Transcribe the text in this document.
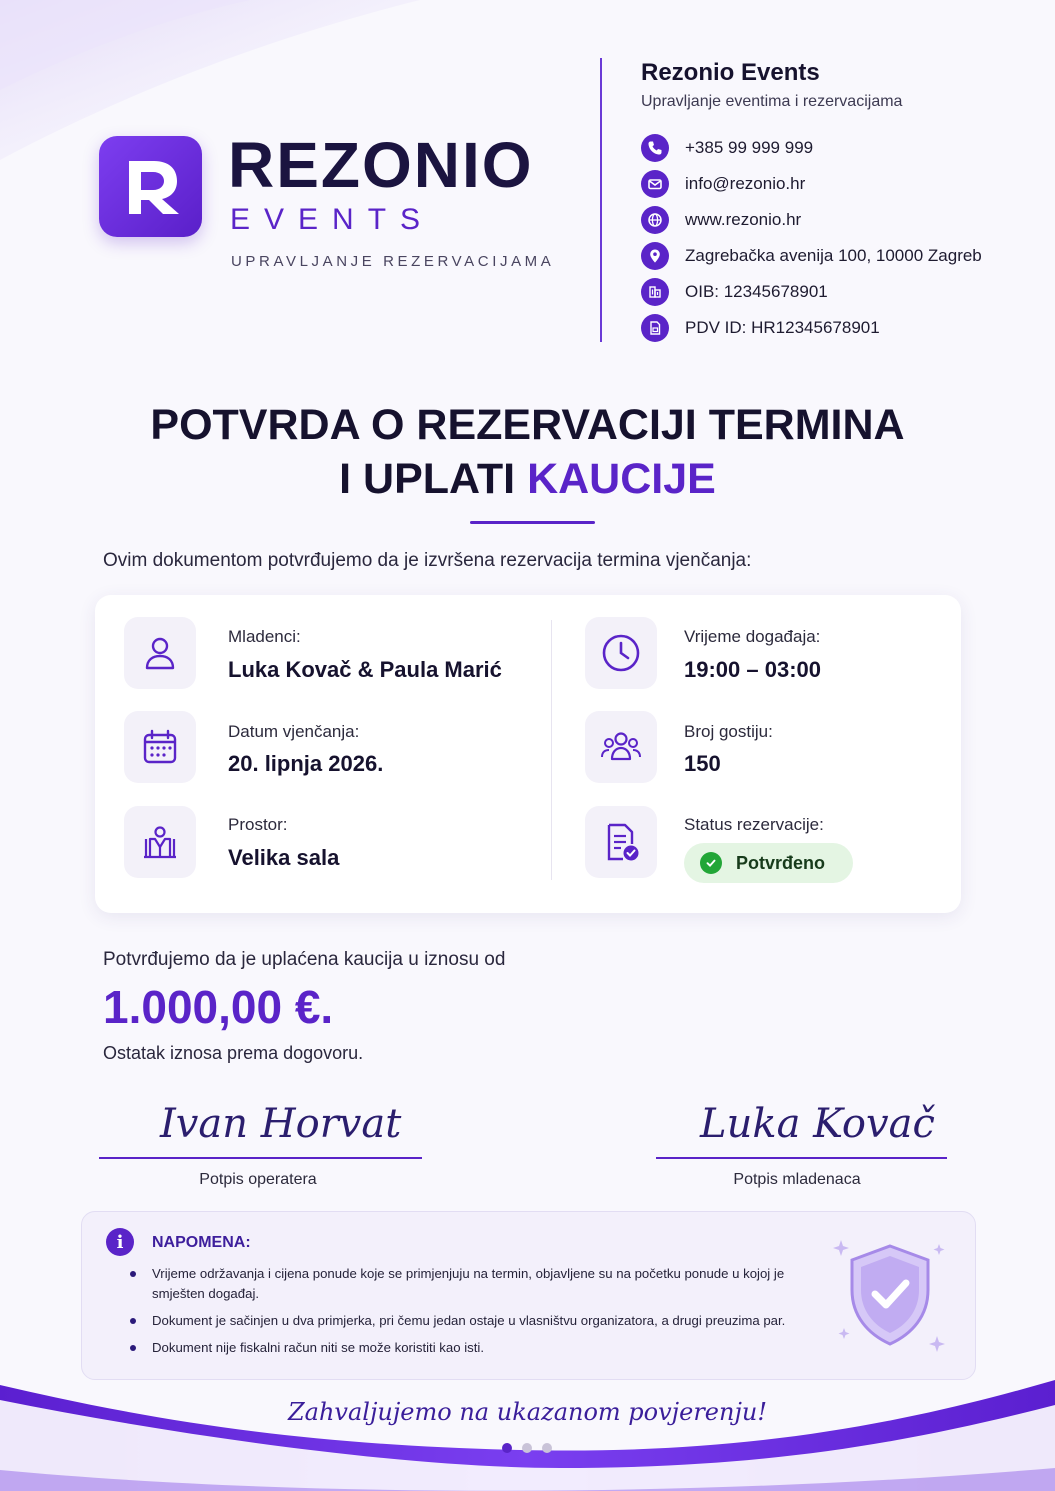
REZONIO
EVENTS
UPRAVLJANJE REZERVACIJAMA
Rezonio Events
Upravljanje eventima i rezervacijama
+385 99 999 999
info@rezonio.hr
www.rezonio.hr
Zagrebačka avenija 100, 10000 Zagreb
OIB: 12345678901
PDV ID: HR12345678901
POTVRDA O REZERVACIJI TERMINA
I UPLATI KAUCIJE
Ovim dokumentom potvrđujemo da je izvršena rezervacija termina vjenčanja:
Mladenci:
Luka Kovač & Paula Marić
Datum vjenčanja:
20. lipnja 2026.
Prostor:
Velika sala
Vrijeme događaja:
19:00 – 03:00
Broj gostiju:
150
Status rezervacije:
Potvrđeno
Potvrđujemo da je uplaćena kaucija u iznosu od
1.000,00 €.
Ostatak iznosa prema dogovoru.
Ivan Horvat
Potpis operatera
Luka Kovač
Potpis mladenaca
i	NAPOMENA:
Vrijeme održavanja i cijena ponude koje se primjenjuju na termin, objavljene su na početku ponude u kojoj je smješten događaj.
Dokument je sačinjen u dva primjerka, pri čemu jedan ostaje u vlasništvu organizatora, a drugi preuzima par.
Dokument nije fiskalni račun niti se može koristiti kao isti.
Zahvaljujemo na ukazanom povjerenju!
